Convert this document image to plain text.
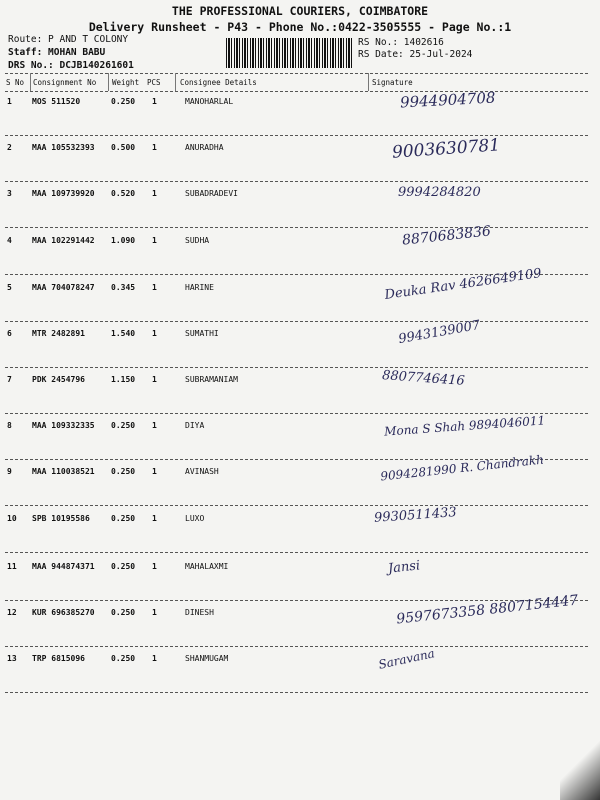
THE PROFESSIONAL COURIERS, COIMBATORE
Delivery Runsheet - P43 - Phone No.:0422-3505555 - Page No.:1
Route: P AND T COLONY
Staff: MOHAN BABU
DRS No.: DCJB140261601
RS No.: 1402616
RS Date: 25-Jul-2024
S No Consignment No Weight PCS	Consignee Details	Signature
1	MOS 511520	0.250 1	MANOHARLAL	9944904708
2	MAA 105532393 0.500 1	ANURADHA	9003630781
3	MAA 109739920 0.520 1	SUBADRADEVI	9994284820
4	MAA 102291442 1.090 1	SUDHA	8870683836
5	MAA 704078247 0.345 1	HARINE	Deuka Rav 4626649109
6	MTR 2482891	1.540 1	SUMATHI	9943139007
7	PDK 2454796	1.150 1	SUBRAMANIAM	8807746416
8	MAA 109332335 0.250 1	DIYA	Mona S Shah 9894046011
9	MAA 110038521 0.250 1	AVINASH	9094281990 R. Chandrakh
10 SPB 10195586	0.250 1	LUXO	9930511433
11 MAA 944874371 0.250 1	MAHALAXMI	Jansi
12 KUR 696385270 0.250 1	DINESH	9597673358 8807154447
13 TRP 6815096	0.250 1	SHANMUGAM	Saravana
